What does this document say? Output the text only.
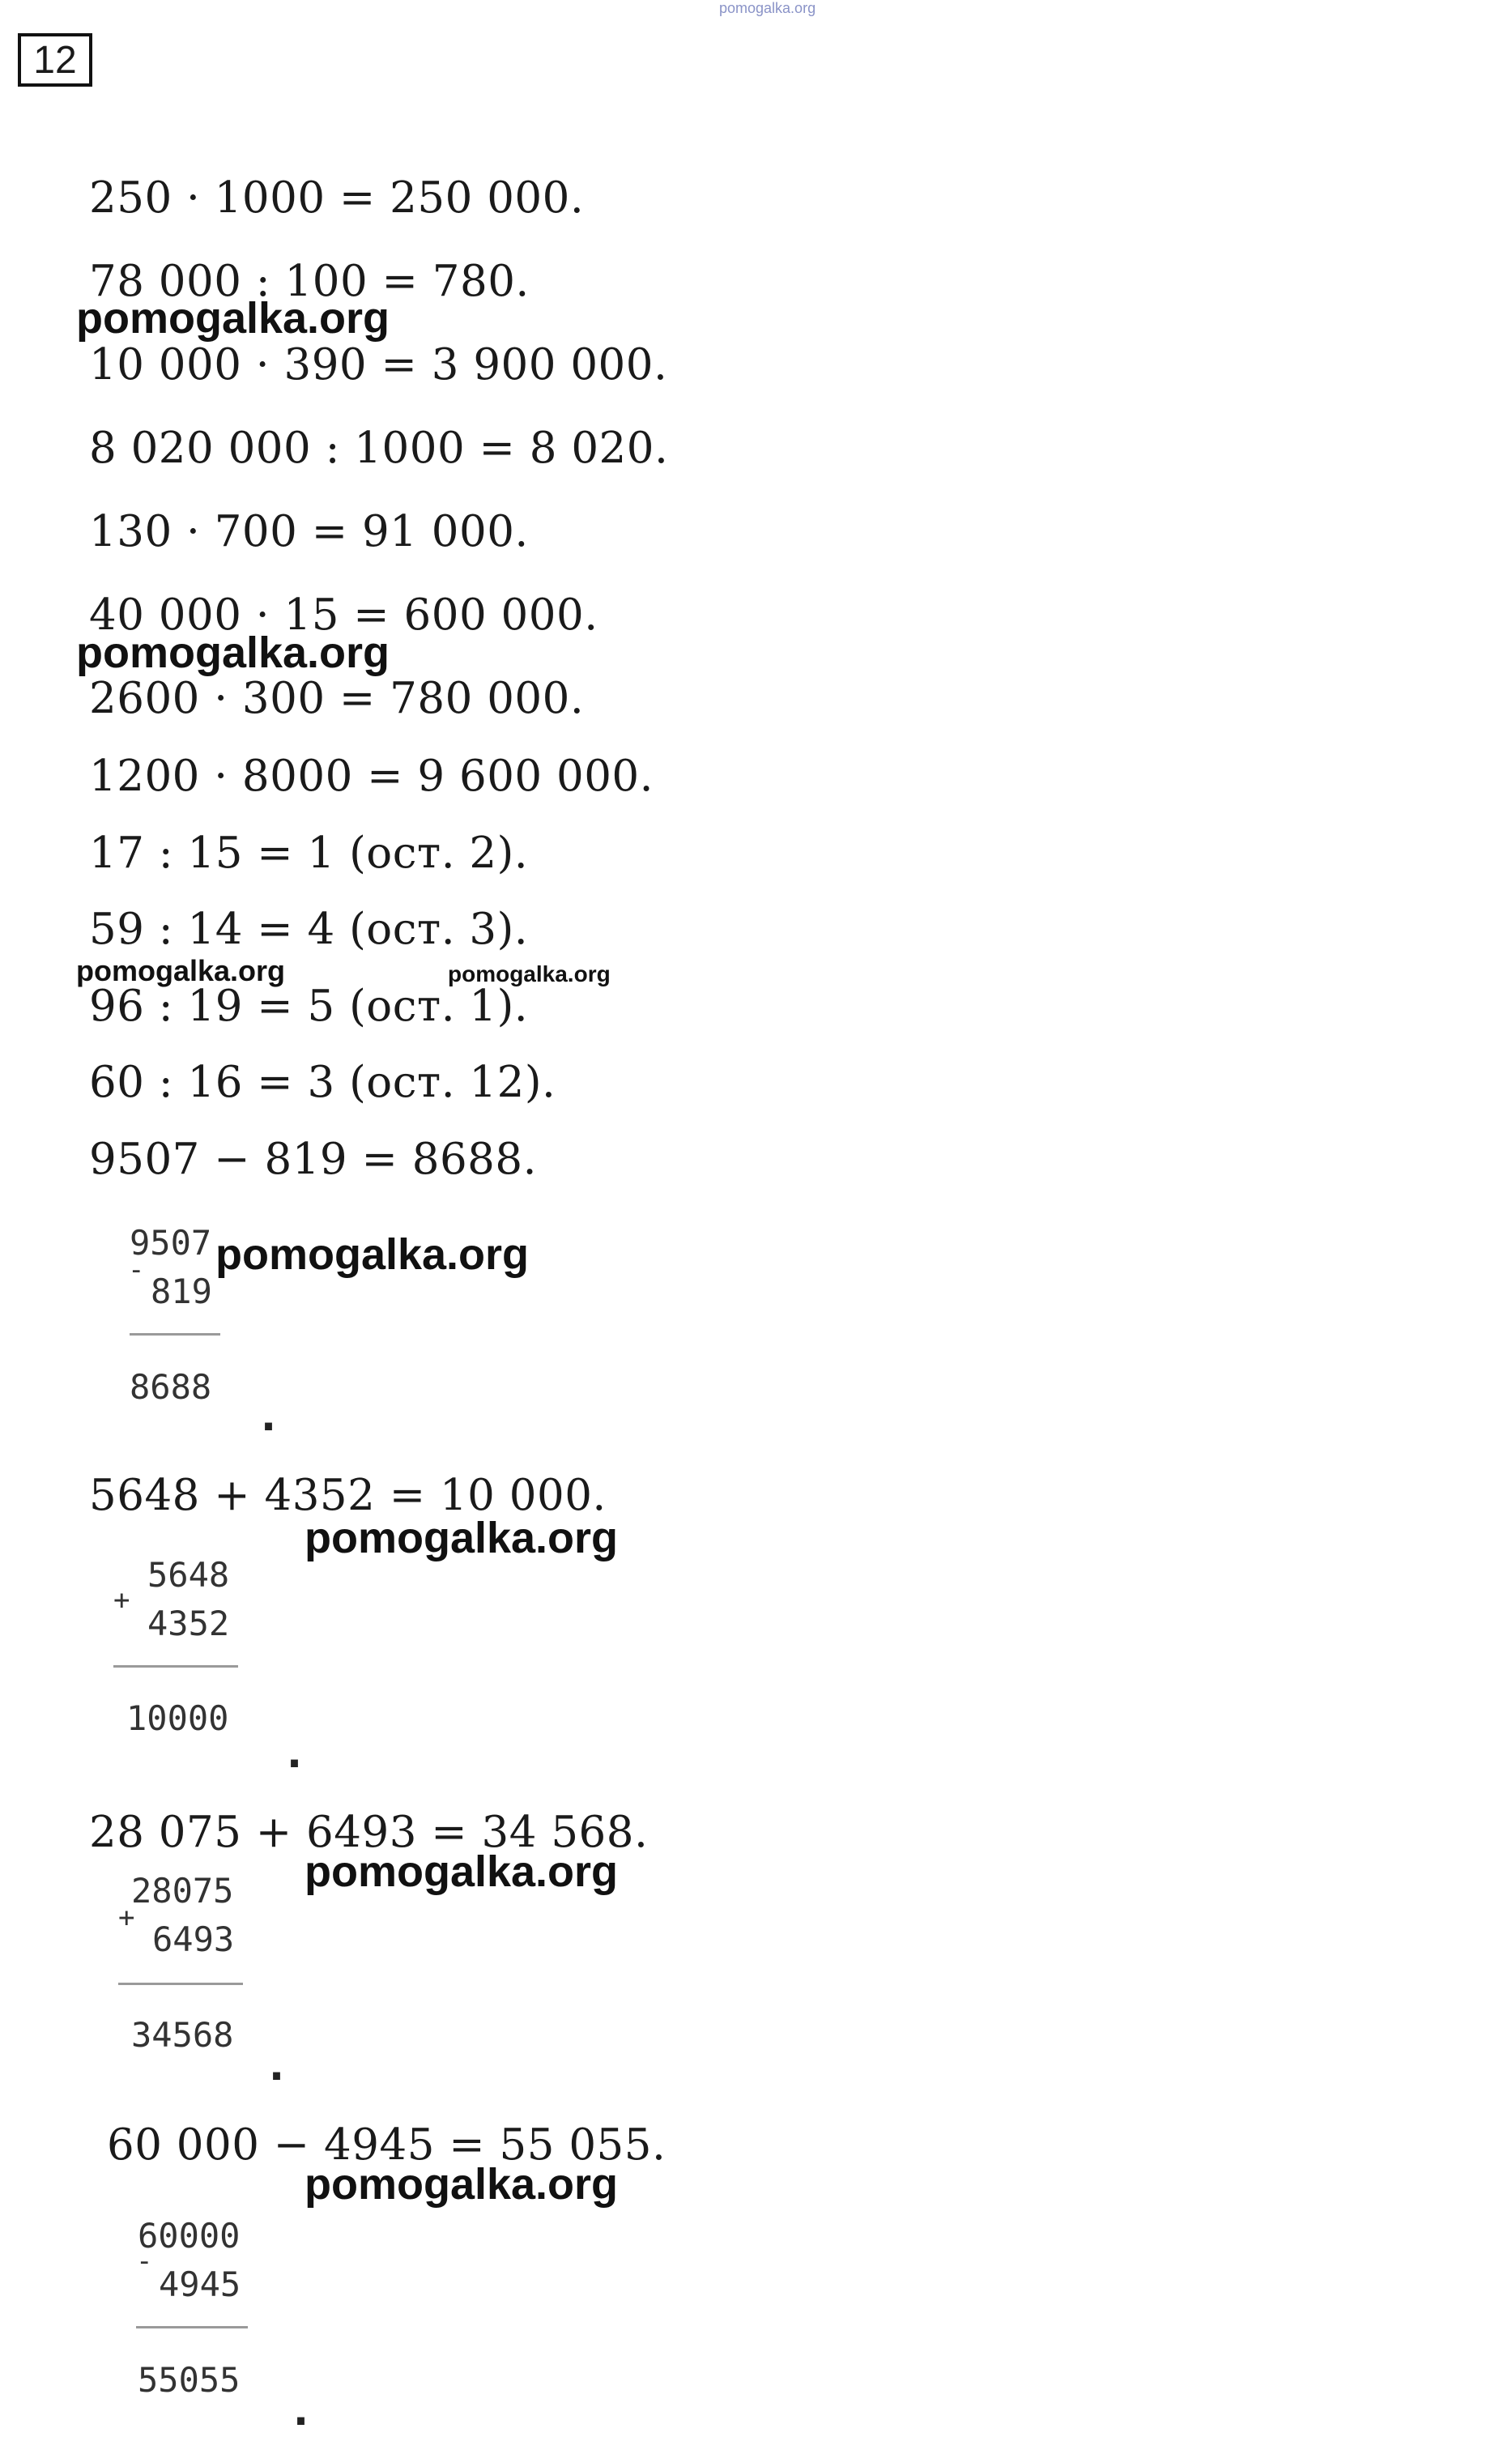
pomogalka.org
12
250 · 1000 = 250 000.
78 000 : 100 = 780.
10 000 · 390 = 3 900 000.
8 020 000 : 1000 = 8 020.
130 · 700 = 91 000.
40 000 · 15 = 600 000.
2600 · 300 = 780 000.
1200 · 8000 = 9 600 000.
17 : 15 = 1 (ост. 2).
59 : 14 = 4 (ост. 3).
96 : 19 = 5 (ост. 1).
60 : 16 = 3 (ост. 12).
pomogalka.org
pomogalka.org
pomogalka.org	pomogalka.org
9507 − 819 = 8688.
9507
-
819
8688
.
pomogalka.org
5648 + 4352 = 10 000.
pomogalka.org
5648
+
4352
10000
.
28 075 + 6493 = 34 568.
pomogalka.org
28075
+
6493
34568
.
60 000 − 4945 = 55 055.
pomogalka.org
60000
-
4945
55055
.
